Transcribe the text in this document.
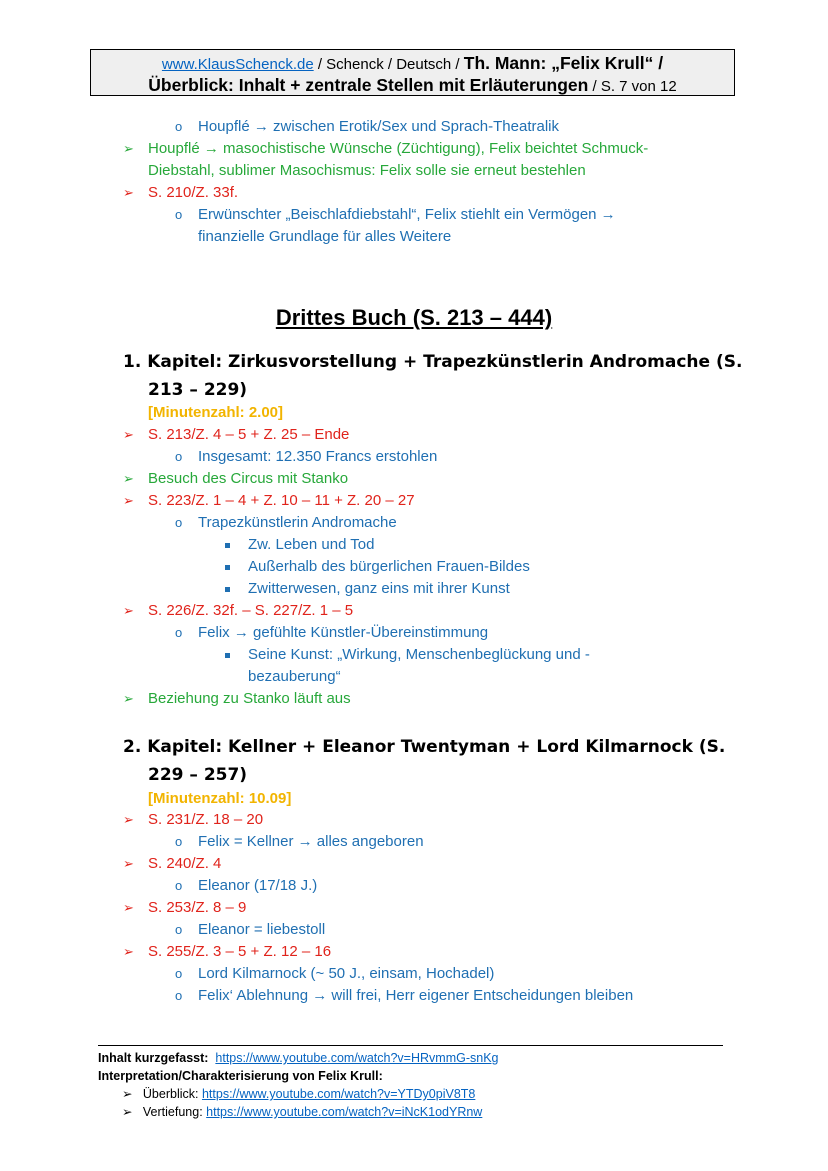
www.KlausSchenck.de / Schenck / Deutsch / Th. Mann: „Felix Krull“ /
Überblick: Inhalt + zentrale Stellen mit Erläuterungen / S. 7 von 12
o Houpflé → zwischen Erotik/Sex und Sprach-Theatralik
➢ Houpflé → masochistische Wünsche (Züchtigung), Felix beichtet Schmuck-
Diebstahl, sublimer Masochismus: Felix solle sie erneut bestehlen
➢ S. 210/Z. 33f.
o Erwünschter „Beischlafdiebstahl“, Felix stiehlt ein Vermögen →
finanzielle Grundlage für alles Weitere
Drittes Buch (S. 213 – 444)
1. Kapitel: Zirkusvorstellung + Trapezkünstlerin Andromache (S.
213 – 229)
[Minutenzahl: 2.00]
➢ S. 213/Z. 4 – 5 + Z. 25 – Ende
o Insgesamt: 12.350 Francs erstohlen
➢ Besuch des Circus mit Stanko
➢ S. 223/Z. 1 – 4 + Z. 10 – 11 + Z. 20 – 27
o Trapezkünstlerin Andromache
Zw. Leben und Tod
Außerhalb des bürgerlichen Frauen-Bildes
Zwitterwesen, ganz eins mit ihrer Kunst
➢ S. 226/Z. 32f. – S. 227/Z. 1 – 5
o Felix → gefühlte Künstler-Übereinstimmung
Seine Kunst: „Wirkung, Menschenbeglückung und -
bezauberung“
➢ Beziehung zu Stanko läuft aus
2. Kapitel: Kellner + Eleanor Twentyman + Lord Kilmarnock (S.
229 – 257)
[Minutenzahl: 10.09]
➢ S. 231/Z. 18 – 20
o Felix = Kellner → alles angeboren
➢ S. 240/Z. 4
o Eleanor (17/18 J.)
➢ S. 253/Z. 8 – 9
o Eleanor = liebestoll
➢ S. 255/Z. 3 – 5 + Z. 12 – 16
o Lord Kilmarnock (~ 50 J., einsam, Hochadel)
o Felix‘ Ablehnung → will frei, Herr eigener Entscheidungen bleiben
Inhalt kurzgefasst: https://www.youtube.com/watch?v=HRvmmG-snKg
Interpretation/Charakterisierung von Felix Krull:
➢ Überblick: https://www.youtube.com/watch?v=YTDy0piV8T8
➢ Vertiefung: https://www.youtube.com/watch?v=iNcK1odYRnw
